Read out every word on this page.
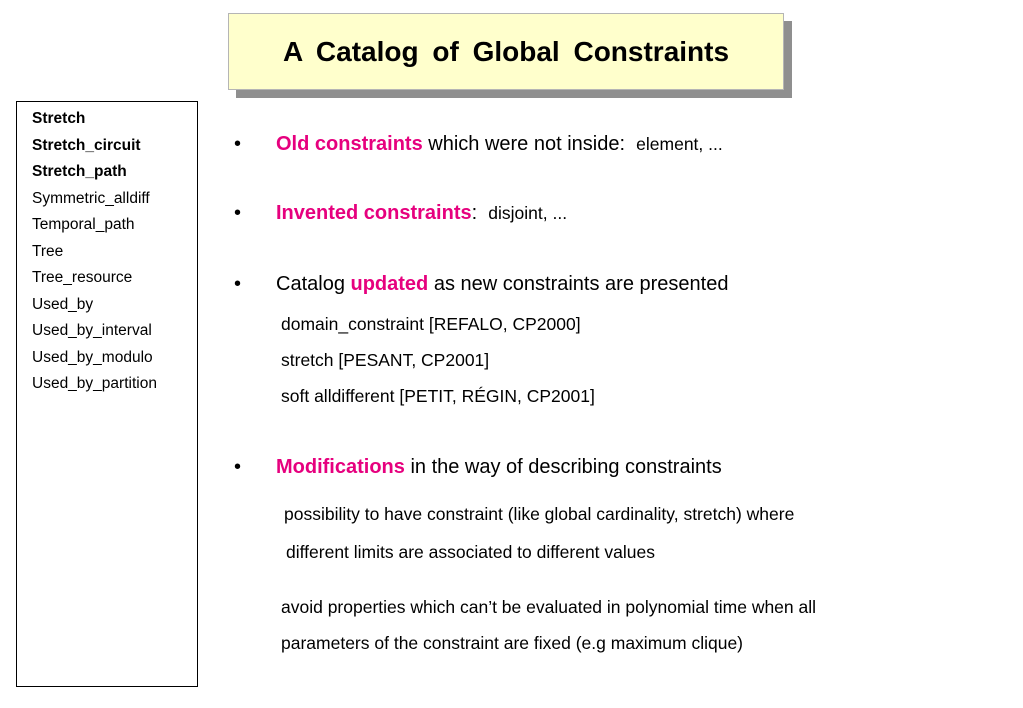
A Catalog of Global Constraints
Stretch
Stretch_circuit
Stretch_path
Symmetric_alldiff
Temporal_path
Tree
Tree_resource
Used_by
Used_by_interval
Used_by_modulo
Used_by_partition
• Old constraints which were not inside: element, ...
• Invented constraints: disjoint, ...
• Catalog updated as new constraints are presented
domain_constraint [REFALO, CP2000]
stretch [PESANT, CP2001]
soft alldifferent [PETIT, RÉGIN, CP2001]
• Modifications in the way of describing constraints
possibility to have constraint (like global cardinality, stretch) where
different limits are associated to different values
avoid properties which can’t be evaluated in polynomial time when all
parameters of the constraint are fixed (e.g maximum clique)
